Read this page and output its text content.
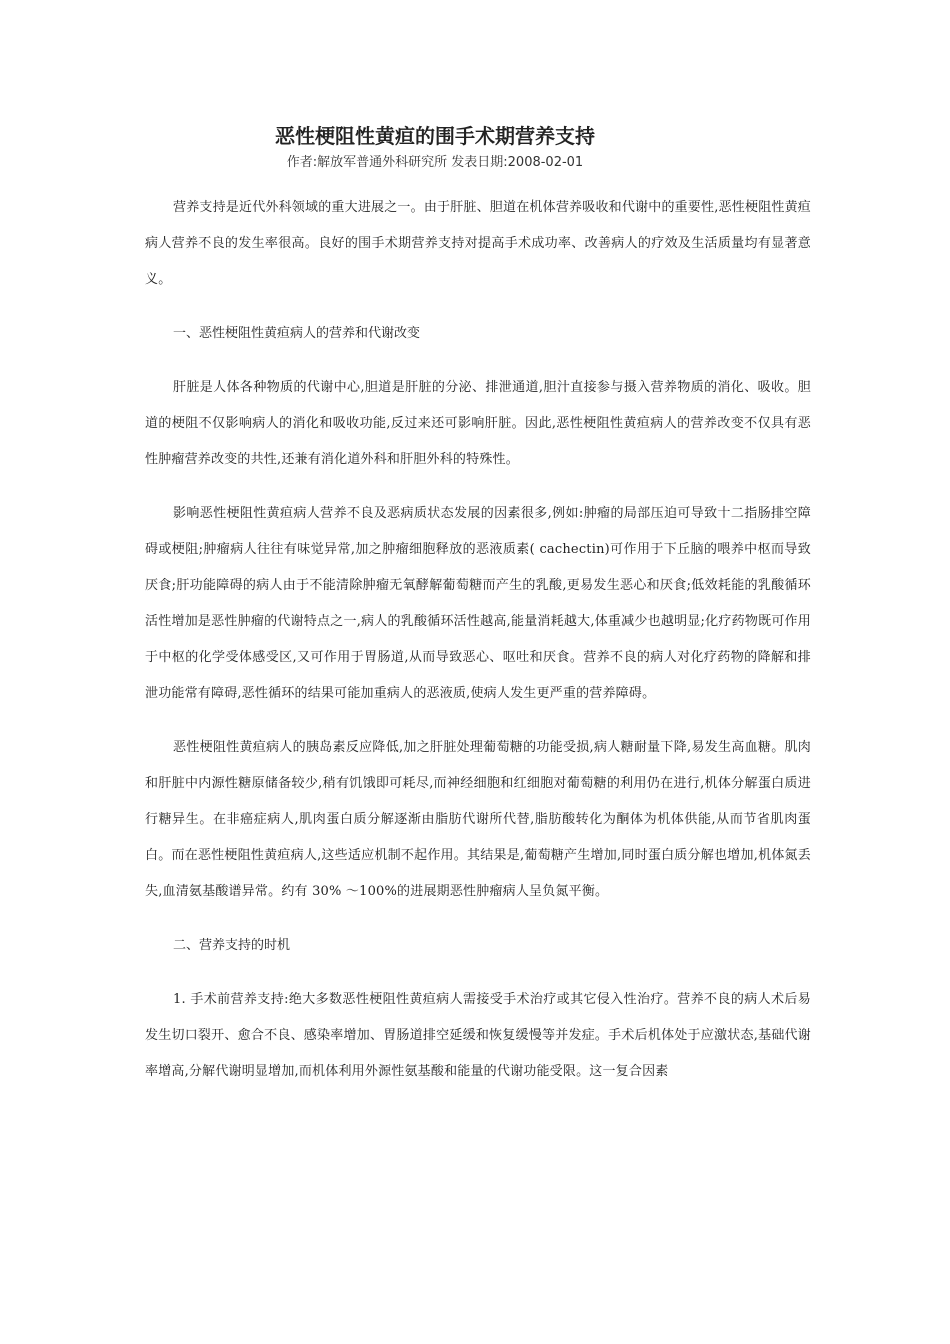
恶性梗阻性黄疸的围手术期营养支持
作者:解放军普通外科研究所 发表日期:2008-02-01

营养支持是近代外科领域的重大进展之一。由于肝脏、胆道在机体营养吸收和代谢中的重要性,恶性梗阻性黄疸病人营养不良的发生率很高。良好的围手术期营养支持对提高手术成功率、改善病人的疗效及生活质量均有显著意义。

一、恶性梗阻性黄疸病人的营养和代谢改变

肝脏是人体各种物质的代谢中心,胆道是肝脏的分泌、排泄通道,胆汁直接参与摄入营养物质的消化、吸收。胆道的梗阻不仅影响病人的消化和吸收功能,反过来还可影响肝脏。因此,恶性梗阻性黄疸病人的营养改变不仅具有恶性肿瘤营养改变的共性,还兼有消化道外科和肝胆外科的特殊性。

影响恶性梗阻性黄疸病人营养不良及恶病质状态发展的因素很多,例如:肿瘤的局部压迫可导致十二指肠排空障碍或梗阻;肿瘤病人往往有味觉异常,加之肿瘤细胞释放的恶液质素( cachectin)可作用于下丘脑的喂养中枢而导致厌食;肝功能障碍的病人由于不能清除肿瘤无氧酵解葡萄糖而产生的乳酸,更易发生恶心和厌食;低效耗能的乳酸循环活性增加是恶性肿瘤的代谢特点之一,病人的乳酸循环活性越高,能量消耗越大,体重减少也越明显;化疗药物既可作用于中枢的化学受体感受区,又可作用于胃肠道,从而导致恶心、呕吐和厌食。营养不良的病人对化疗药物的降解和排泄功能常有障碍,恶性循环的结果可能加重病人的恶液质,使病人发生更严重的营养障碍。

恶性梗阻性黄疸病人的胰岛素反应降低,加之肝脏处理葡萄糖的功能受损,病人糖耐量下降,易发生高血糖。肌肉和肝脏中内源性糖原储备较少,稍有饥饿即可耗尽,而神经细胞和红细胞对葡萄糖的利用仍在进行,机体分解蛋白质进行糖异生。在非癌症病人,肌肉蛋白质分解逐渐由脂肪代谢所代替,脂肪酸转化为酮体为机体供能,从而节省肌肉蛋白。而在恶性梗阻性黄疸病人,这些适应机制不起作用。其结果是,葡萄糖产生增加,同时蛋白质分解也增加,机体氮丢失,血清氨基酸谱异常。约有 30% ～100%的进展期恶性肿瘤病人呈负氮平衡。

二、营养支持的时机

1. 手术前营养支持:绝大多数恶性梗阻性黄疸病人需接受手术治疗或其它侵入性治疗。营养不良的病人术后易发生切口裂开、愈合不良、感染率增加、胃肠道排空延缓和恢复缓慢等并发症。手术后机体处于应激状态,基础代谢率增高,分解代谢明显增加,而机体利用外源性氨基酸和能量的代谢功能受限。这一复合因素
